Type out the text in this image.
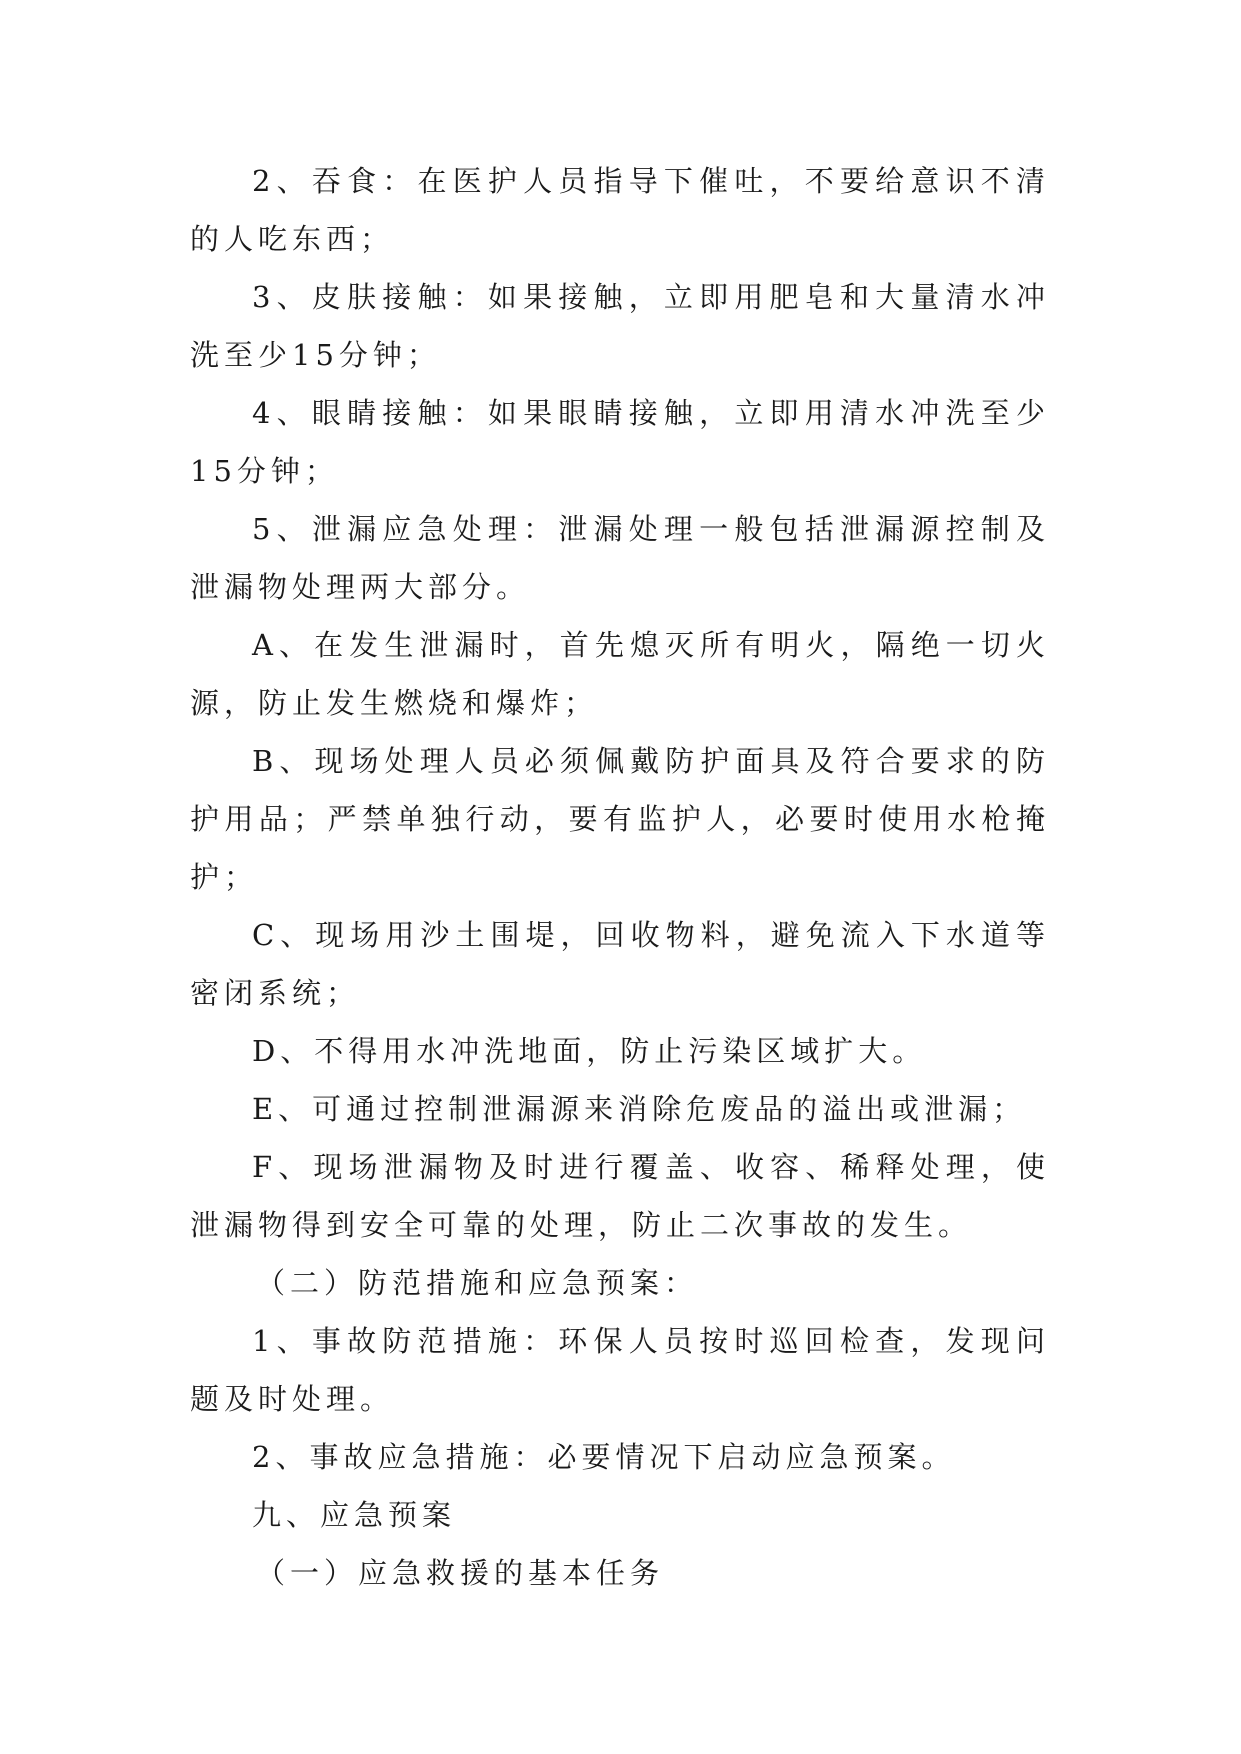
2、吞食：在医护人员指导下催吐，不要给意识不清的人吃东西；

3、皮肤接触：如果接触，立即用肥皂和大量清水冲洗至少15分钟；

4、眼睛接触：如果眼睛接触，立即用清水冲洗至少15分钟；

5、泄漏应急处理：泄漏处理一般包括泄漏源控制及泄漏物处理两大部分。

A、在发生泄漏时，首先熄灭所有明火，隔绝一切火源，防止发生燃烧和爆炸；

B、现场处理人员必须佩戴防护面具及符合要求的防护用品；严禁单独行动，要有监护人，必要时使用水枪掩护；

C、现场用沙土围堤，回收物料，避免流入下水道等密闭系统；

D、不得用水冲洗地面，防止污染区域扩大。

E、可通过控制泄漏源来消除危废品的溢出或泄漏；

F、现场泄漏物及时进行覆盖、收容、稀释处理，使泄漏物得到安全可靠的处理，防止二次事故的发生。

（二）防范措施和应急预案：

1、事故防范措施：环保人员按时巡回检查，发现问题及时处理。

2、事故应急措施：必要情况下启动应急预案。

九、应急预案

（一）应急救援的基本任务
